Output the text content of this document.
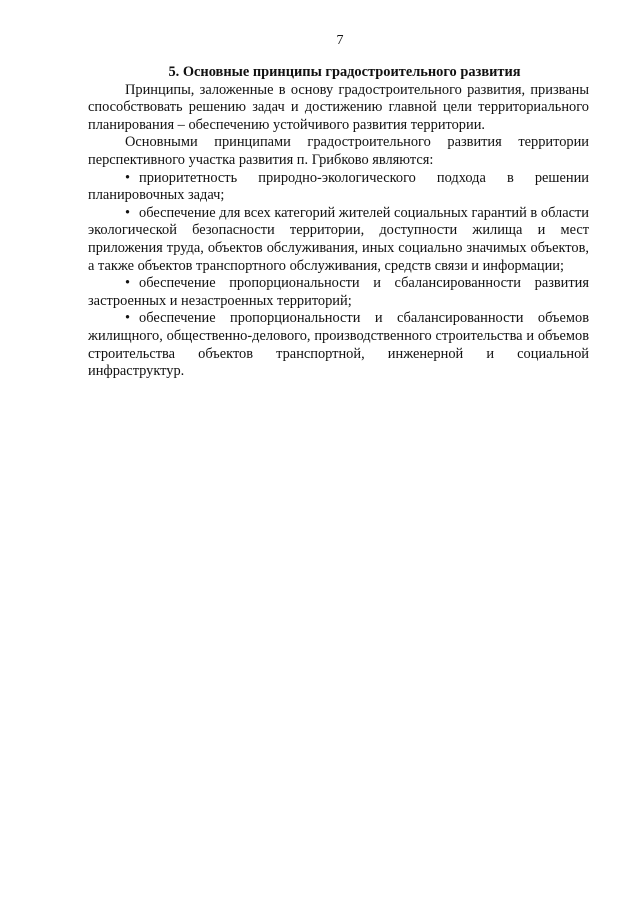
7
5. Основные принципы градостроительного развития

Принципы, заложенные в основу градостроительного развития, призваны способствовать решению задач и достижению главной цели территориального планирования – обеспечению устойчивого развития территории.

Основными принципами градостроительного развития территории перспективного участка развития п. Грибково являются:

• приоритетность природно-экологического подхода в решении планировочных задач;
• обеспечение для всех категорий жителей социальных гарантий в области экологической безопасности территории, доступности жилища и мест приложения труда, объектов обслуживания, иных социально значимых объектов, а также объектов транспортного обслуживания, средств связи и информации;
• обеспечение пропорциональности и сбалансированности развития застроенных и незастроенных территорий;
• обеспечение пропорциональности и сбалансированности объемов жилищного, общественно-делового, производственного строительства и объемов строительства объектов транспортной, инженерной и социальной инфраструктур.
